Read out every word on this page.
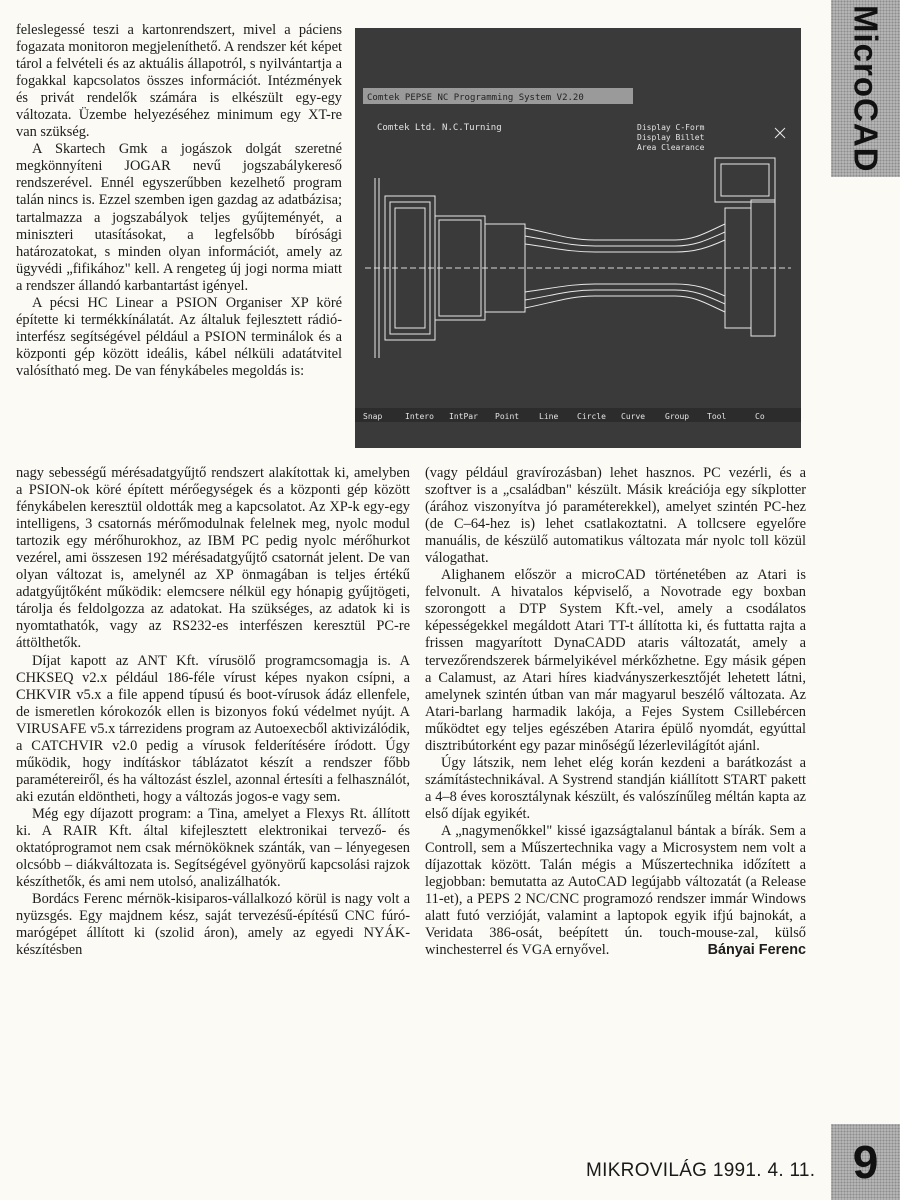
MicroCAD

feleslegessé teszi a kartonrendszert, mivel a páciens fogazata monitoron megjeleníthető. A rendszer két képet tárol a felvételi és az aktuális állapotról, s nyilvántartja a fogakkal kapcsolatos összes információt. Intézmények és privát rendelők számára is elkészült egy-egy változata. Üzembe helyezéséhez minimum egy XT-re van szükség.

A Skartech Gmk a jogászok dolgát szeretné megkönnyíteni JOGAR nevű jogszabálykereső rendszerével. Ennél egyszerűbben kezelhető program talán nincs is. Ezzel szemben igen gazdag az adatbázisa; tartalmazza a jogszabályok teljes gyűjteményét, a miniszteri utasításokat, a legfelsőbb bírósági határozatokat, s minden olyan információt, amely az ügyvédi „fifikához" kell. A rengeteg új jogi norma miatt a rendszer állandó karbantartást igényel.

A pécsi HC Linear a PSION Organiser XP köré építette ki termékkínálatát. Az általuk fejlesztett rádió-interfész segítségével például a PSION terminálok és a központi gép között ideális, kábel nélküli adatátvitel valósítható meg. De van fénykábeles megoldás is:

Comtek PEPSE NC Programming System V2.20
Comtek Ltd. N.C.Turning	Display C-Form
Display Billet
Area Clearance
Snap	Intero IntPar Point Line Circle Curve Group Tool	Co

nagy sebességű mérésadatgyűjtő rendszert alakítottak ki, amelyben a PSION-ok köré épített mérőegységek és a központi gép között fénykábelen keresztül oldották meg a kapcsolatot. Az XP-k egy-egy intelligens, 3 csatornás mérőmodulnak felelnek meg, nyolc modul tartozik egy mérőhurokhoz, az IBM PC pedig nyolc mérőhurkot vezérel, ami összesen 192 mérésadatgyűjtő csatornát jelent. De van olyan változat is, amelynél az XP önmagában is teljes értékű adatgyűjtőként működik: elemcsere nélkül egy hónapig gyűjtögeti, tárolja és feldolgozza az adatokat. Ha szükséges, az adatok ki is nyomtathatók, vagy az RS232-es interfészen keresztül PC-re áttölthetők.

Díjat kapott az ANT Kft. vírusölő programcsomagja is. A CHKSEQ v2.x például 186-féle vírust képes nyakon csípni, a CHKVIR v5.x a file append típusú és boot-vírusok ádáz ellenfele, de ismeretlen kórokozók ellen is bizonyos fokú védelmet nyújt. A VIRUSAFE v5.x tárrezidens program az Autoexecből aktivizálódik, a CATCHVIR v2.0 pedig a vírusok felderítésére íródott. Úgy működik, hogy indításkor táblázatot készít a rendszer főbb paramétereiről, és ha változást észlel, azonnal értesíti a felhasználót, aki ezután eldöntheti, hogy a változás jogos-e vagy sem.

Még egy díjazott program: a Tina, amelyet a Flexys Rt. állított ki. A RAIR Kft. által kifejlesztett elektronikai tervező- és oktatóprogramot nem csak mérnököknek szánták, van – lényegesen olcsóbb – diákváltozata is. Segítségével gyönyörű kapcsolási rajzok készíthetők, és ami nem utolsó, analizálhatók.

Bordács Ferenc mérnök-kisiparos-vállalkozó körül is nagy volt a nyüzsgés. Egy majdnem kész, saját tervezésű-építésű CNC fúró-marógépet állított ki (szolid áron), amely az egyedi NYÁK-készítésben

(vagy például gravírozásban) lehet hasznos. PC vezérli, és a szoftver is a „családban" készült. Másik kreációja egy síkplotter (árához viszonyítva jó paraméterekkel), amelyet szintén PC-hez (de C–64-hez is) lehet csatlakoztatni. A tollcsere egyelőre manuális, de készülő automatikus változata már nyolc toll közül válogathat.

Alighanem először a microCAD történetében az Atari is felvonult. A hivatalos képviselő, a Novotrade egy boxban szorongott a DTP System Kft.-vel, amely a csodálatos képességekkel megáldott Atari TT-t állította ki, és futtatta rajta a frissen magyarított DynaCADD ataris változatát, amely a tervezőrendszerek bármelyikével mérkőzhetne. Egy másik gépen a Calamust, az Atari híres kiadványszerkesztőjét lehetett látni, amelynek szintén útban van már magyarul beszélő változata. Az Atari-barlang harmadik lakója, a Fejes System Csillebércen működtet egy teljes egészében Atarira épülő nyomdát, egyúttal disztribútorként egy pazar minőségű lézerlevilágítót ajánl.

Úgy látszik, nem lehet elég korán kezdeni a barátkozást a számítástechnikával. A Systrend standján kiállított START pakett a 4–8 éves korosztálynak készült, és valószínűleg méltán kapta az első díjak egyikét.

A „nagymenőkkel" kissé igazságtalanul bántak a bírák. Sem a Controll, sem a Műszertechnika vagy a Microsystem nem volt a díjazottak között. Talán mégis a Műszertechnika időzített a legjobban: bemutatta az AutoCAD legújabb változatát (a Release 11-et), a PEPS 2 NC/CNC programozó rendszer immár Windows alatt futó verzióját, valamint a laptopok egyik ifjú bajnokát, a Veridata 386-osát, beépített ún. touch-mouse-zal, külső winchesterrel és VGA ernyővel.	Bányai Ferenc

MIKROVILÁG 1991. 4. 11. 9
